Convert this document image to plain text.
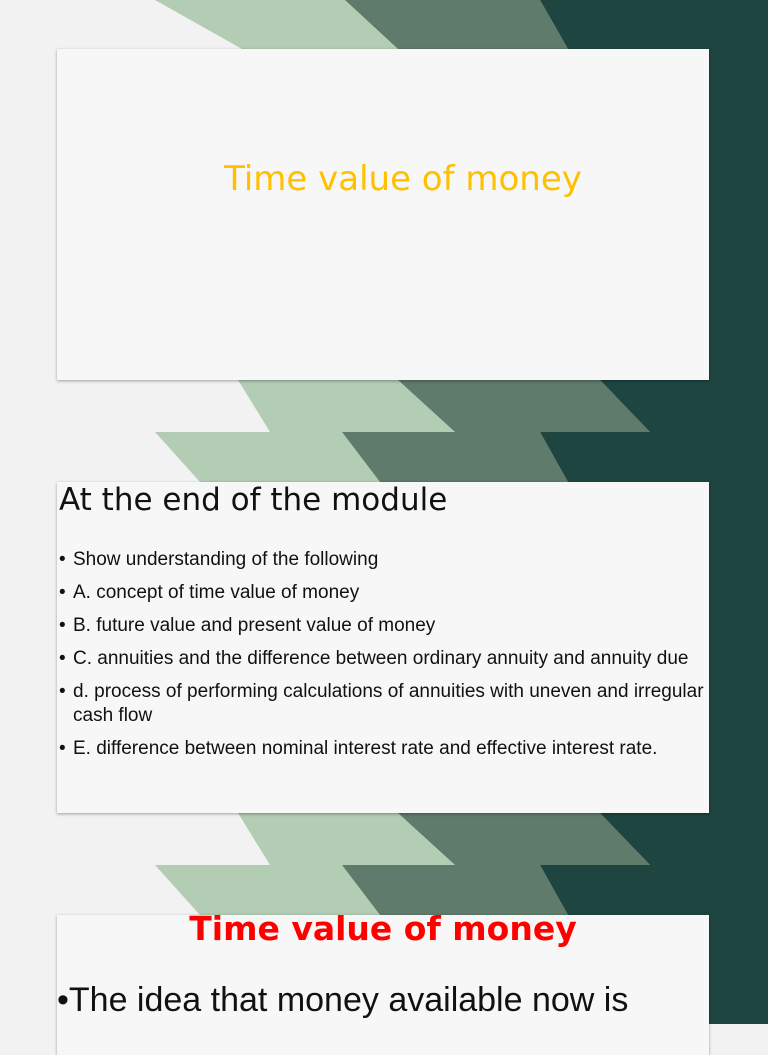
Time value of money
At the end of the module
• Show understanding of the following
• A. concept of time value of money
• B. future value and present value of money
• C. annuities and the difference between ordinary annuity and annuity due
• d. process of performing calculations of annuities with uneven and irregular cash flow
• E. difference between nominal interest rate and effective interest rate.
Time value of money

•The idea that money available now is
